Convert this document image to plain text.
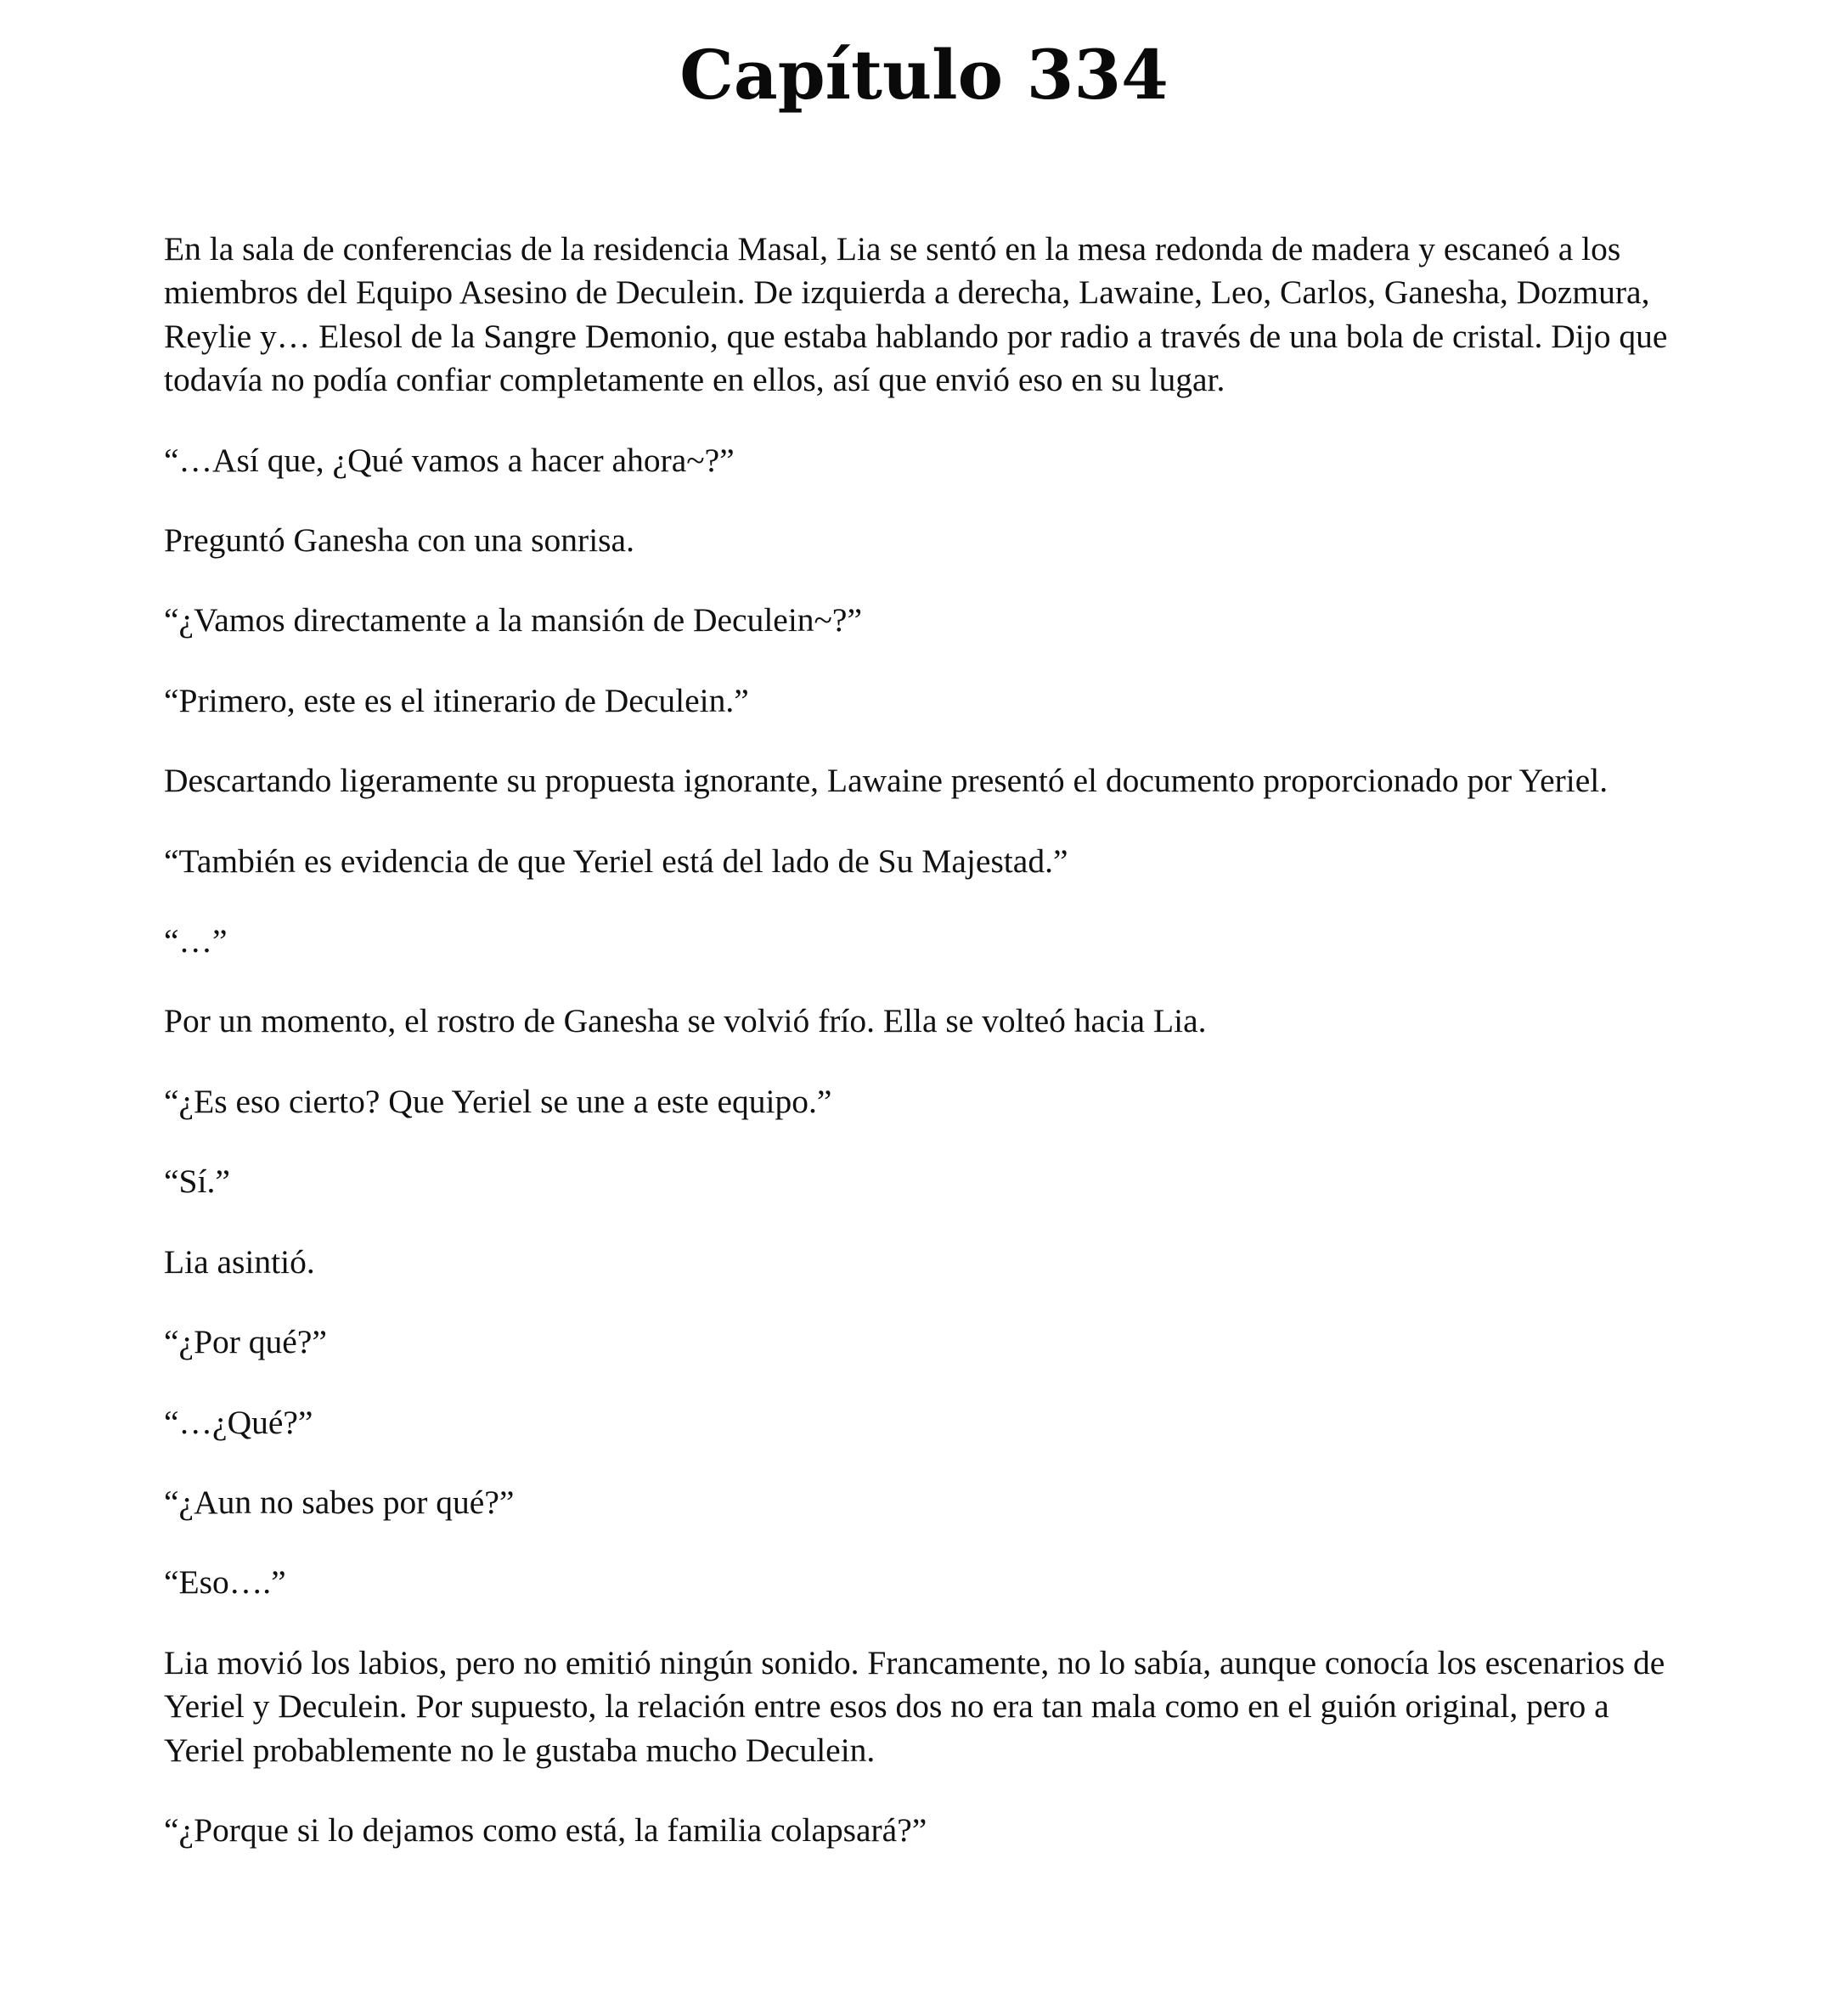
Capítulo 334

En la sala de conferencias de la residencia Masal, Lia se sentó en la mesa redonda de madera y escaneó a los miembros del Equipo Asesino de Deculein. De izquierda a derecha, Lawaine, Leo, Carlos, Ganesha, Dozmura, Reylie y… Elesol de la Sangre Demonio, que estaba hablando por radio a través de una bola de cristal. Dijo que todavía no podía confiar completamente en ellos, así que envió eso en su lugar.

“…Así que, ¿Qué vamos a hacer ahora~?”

Preguntó Ganesha con una sonrisa.

“¿Vamos directamente a la mansión de Deculein~?”

“Primero, este es el itinerario de Deculein.”

Descartando ligeramente su propuesta ignorante, Lawaine presentó el documento proporcionado por Yeriel.

“También es evidencia de que Yeriel está del lado de Su Majestad.”

“…”

Por un momento, el rostro de Ganesha se volvió frío. Ella se volteó hacia Lia.

“¿Es eso cierto? Que Yeriel se une a este equipo.”

“Sí.”

Lia asintió.

“¿Por qué?”

“…¿Qué?”

“¿Aun no sabes por qué?”

“Eso….”

Lia movió los labios, pero no emitió ningún sonido. Francamente, no lo sabía, aunque conocía los escenarios de Yeriel y Deculein. Por supuesto, la relación entre esos dos no era tan mala como en el guión original, pero a Yeriel probablemente no le gustaba mucho Deculein.

“¿Porque si lo dejamos como está, la familia colapsará?”
